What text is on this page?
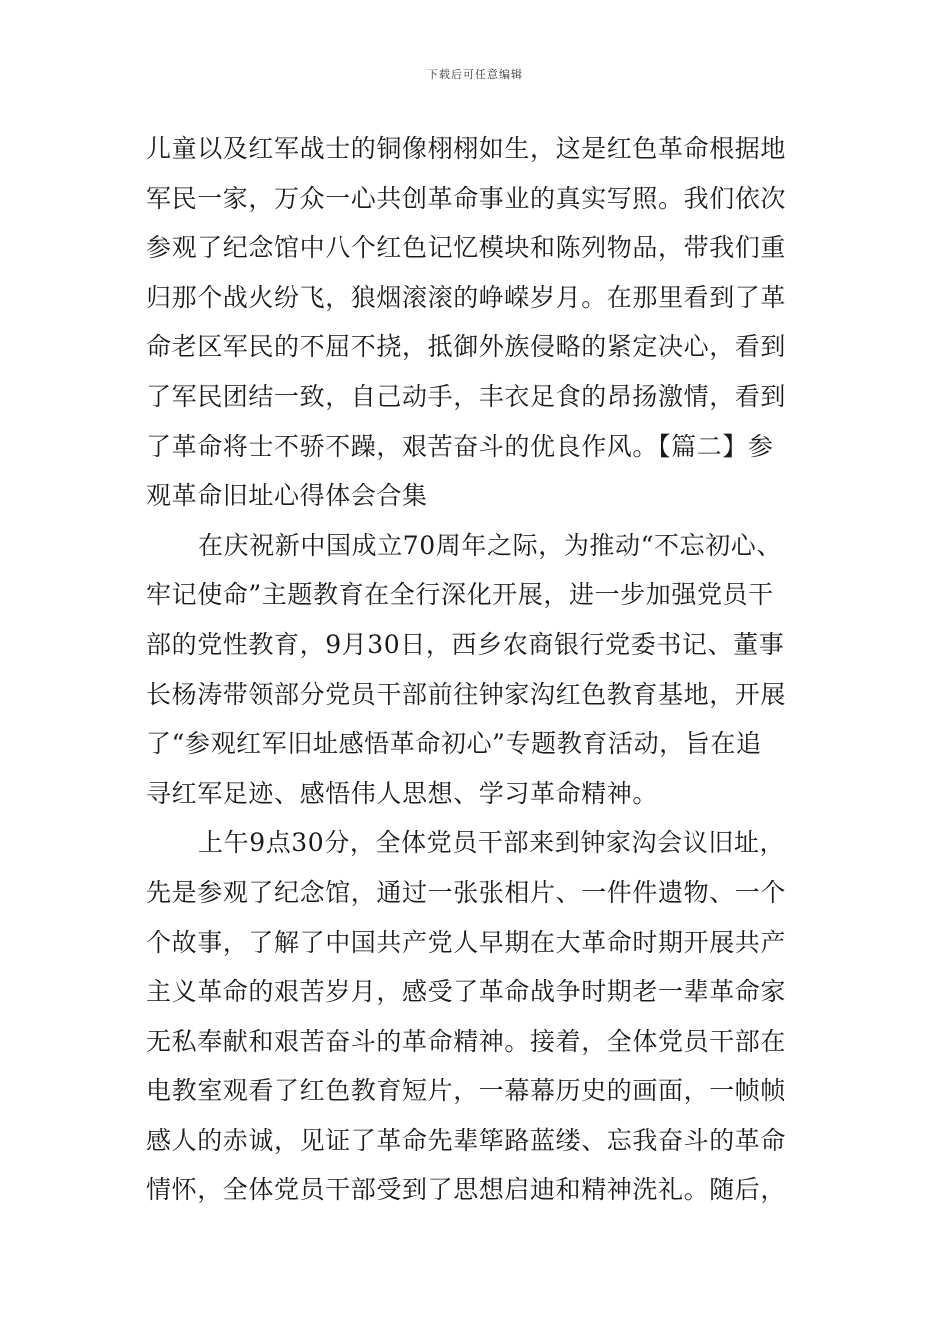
下载后可任意编辑
儿童以及红军战士的铜像栩栩如生，这是红色革命根据地
军民一家，万众一心共创革命事业的真实写照。我们依次
参观了纪念馆中八个红色记忆模块和陈列物品，带我们重
归那个战火纷飞，狼烟滚滚的峥嵘岁月。在那里看到了革
命老区军民的不屈不挠，抵御外族侵略的紧定决心，看到
了军民团结一致，自己动手，丰衣足食的昂扬激情，看到
了革命将士不骄不躁，艰苦奋斗的优良作风。【篇二】参
观革命旧址心得体会合集
在庆祝新中国成立70周年之际，为推动“不忘初心、
牢记使命”主题教育在全行深化开展，进一步加强党员干
部的党性教育，9月30日，西乡农商银行党委书记、董事
长杨涛带领部分党员干部前往钟家沟红色教育基地，开展
了“参观红军旧址感悟革命初心”专题教育活动，旨在追
寻红军足迹、感悟伟人思想、学习革命精神。
上午9点30分，全体党员干部来到钟家沟会议旧址，
先是参观了纪念馆，通过一张张相片、一件件遗物、一个
个故事，了解了中国共产党人早期在大革命时期开展共产
主义革命的艰苦岁月，感受了革命战争时期老一辈革命家
无私奉献和艰苦奋斗的革命精神。接着，全体党员干部在
电教室观看了红色教育短片，一幕幕历史的画面，一帧帧
感人的赤诚，见证了革命先辈筚路蓝缕、忘我奋斗的革命
情怀，全体党员干部受到了思想启迪和精神洗礼。随后，
